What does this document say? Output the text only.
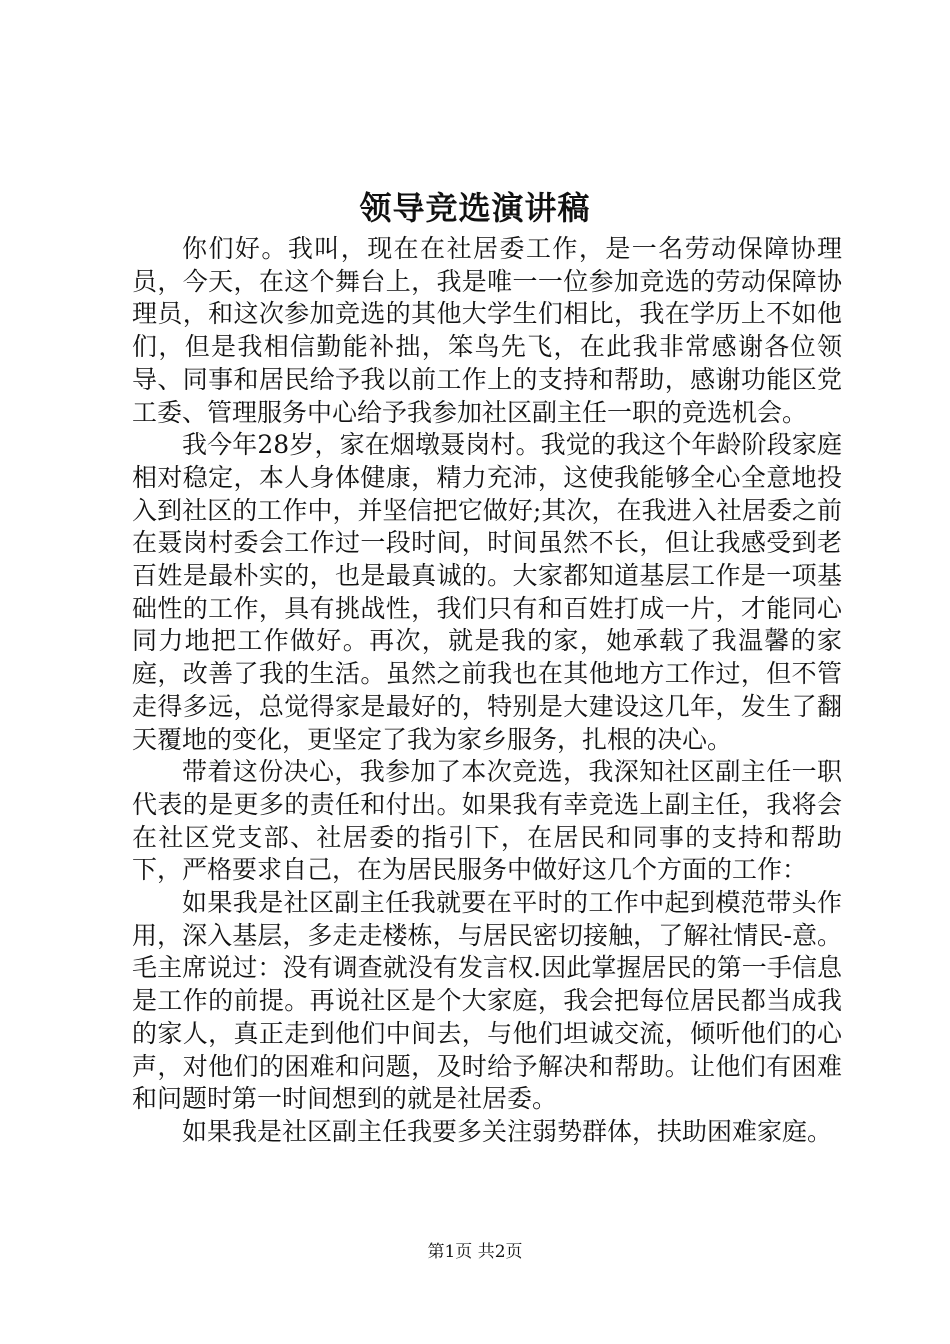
领导竞选演讲稿

你们好。我叫，现在在社居委工作，是一名劳动保障协理员，今天，在这个舞台上，我是唯一一位参加竞选的劳动保障协理员，和这次参加竞选的其他大学生们相比，我在学历上不如他们，但是我相信勤能补拙，笨鸟先飞，在此我非常感谢各位领导、同事和居民给予我以前工作上的支持和帮助，感谢功能区党工委、管理服务中心给予我参加社区副主任一职的竞选机会。

我今年28岁，家在烟墩聂岗村。我觉的我这个年龄阶段家庭相对稳定，本人身体健康，精力充沛，这使我能够全心全意地投入到社区的工作中，并坚信把它做好;其次，在我进入社居委之前在聂岗村委会工作过一段时间，时间虽然不长，但让我感受到老百姓是最朴实的，也是最真诚的。大家都知道基层工作是一项基础性的工作，具有挑战性，我们只有和百姓打成一片，才能同心同力地把工作做好。再次，就是我的家，她承载了我温馨的家庭，改善了我的生活。虽然之前我也在其他地方工作过，但不管走得多远，总觉得家是最好的，特别是大建设这几年，发生了翻天覆地的变化，更坚定了我为家乡服务，扎根的决心。

带着这份决心，我参加了本次竞选，我深知社区副主任一职代表的是更多的责任和付出。如果我有幸竞选上副主任，我将会在社区党支部、社居委的指引下，在居民和同事的支持和帮助下，严格要求自己，在为居民服务中做好这几个方面的工作：

如果我是社区副主任我就要在平时的工作中起到模范带头作用，深入基层，多走走楼栋，与居民密切接触，了解社情民-意。毛主席说过：没有调查就没有发言权.因此掌握居民的第一手信息是工作的前提。再说社区是个大家庭，我会把每位居民都当成我的家人，真正走到他们中间去，与他们坦诚交流，倾听他们的心声，对他们的困难和问题，及时给予解决和帮助。让他们有困难和问题时第一时间想到的就是社居委。

如果我是社区副主任我要多关注弱势群体，扶助困难家庭。

第1页 共2页
